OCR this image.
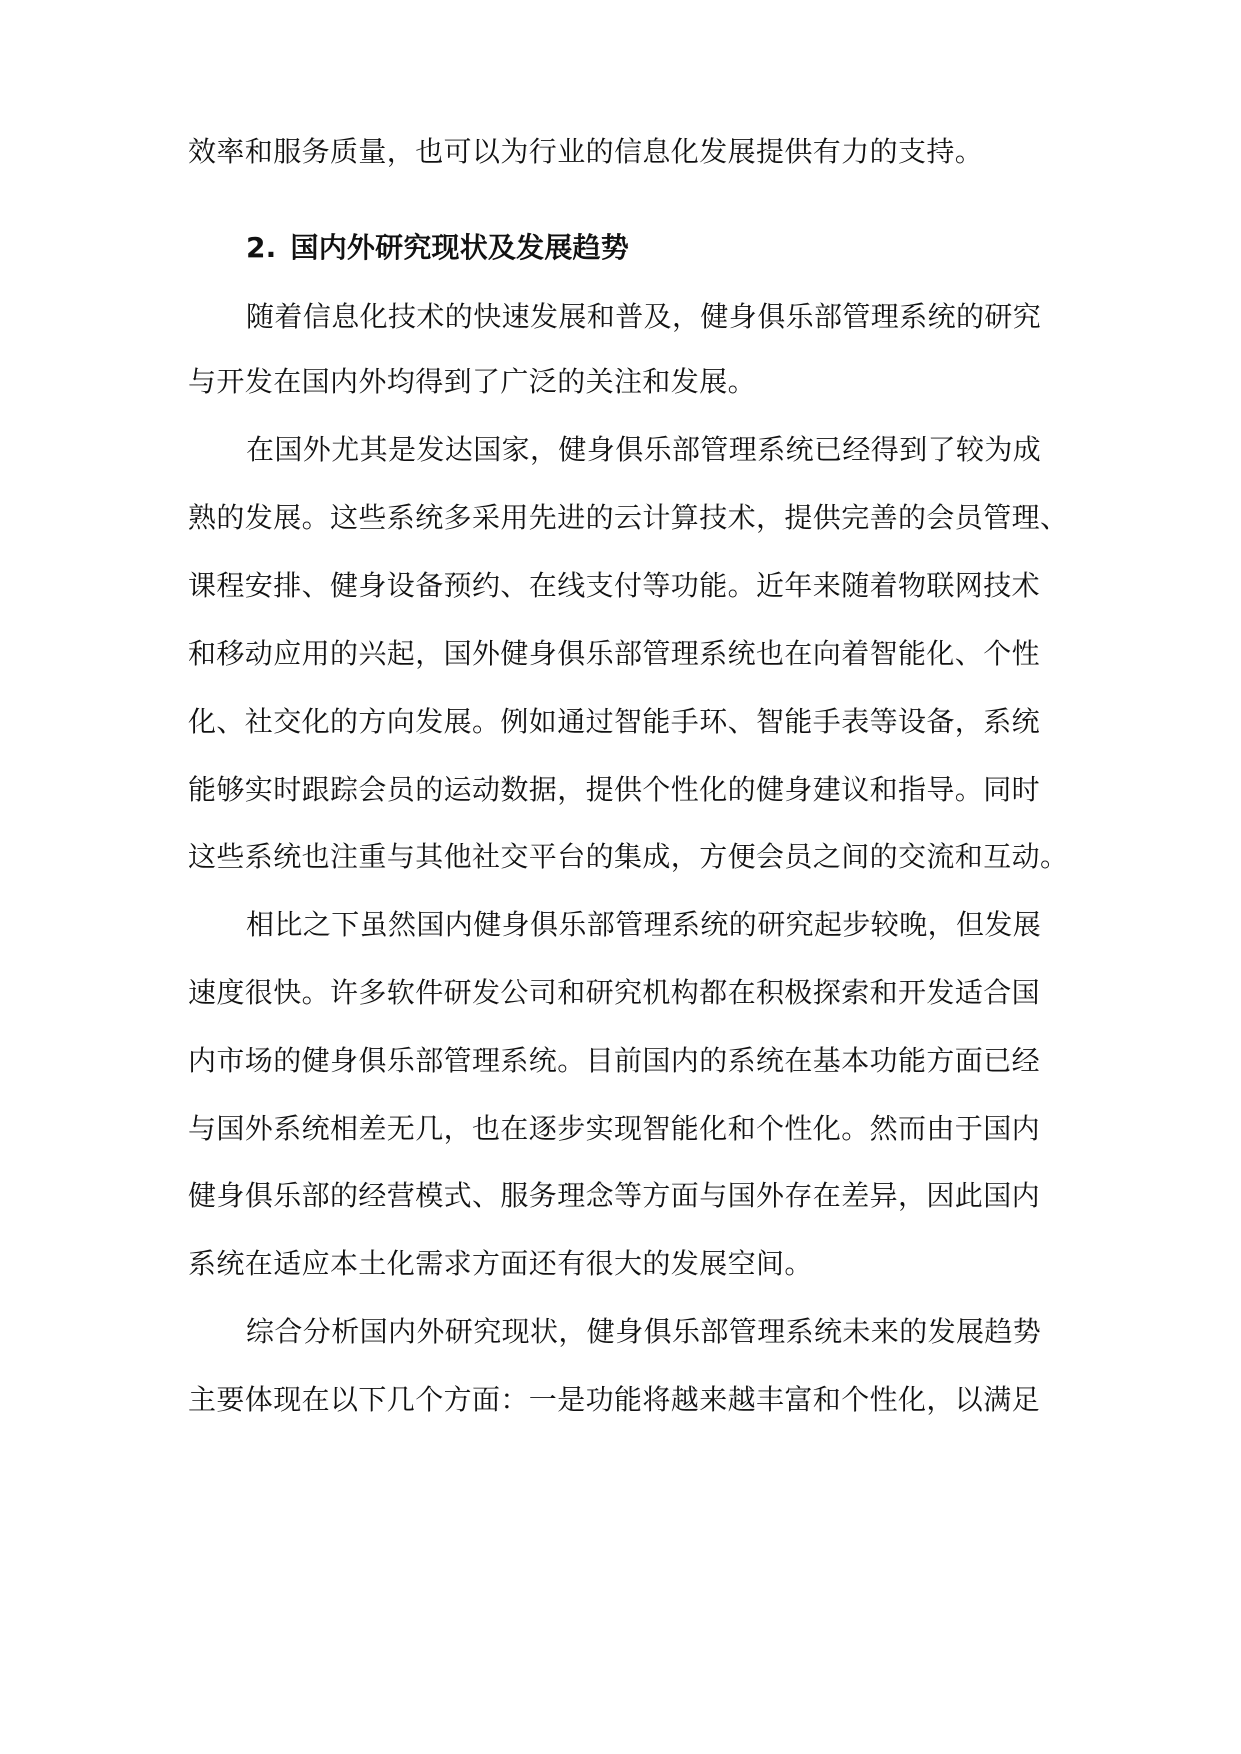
效率和服务质量，也可以为行业的信息化发展提供有力的支持。
2. 国内外研究现状及发展趋势
随着信息化技术的快速发展和普及，健身俱乐部管理系统的研究
与开发在国内外均得到了广泛的关注和发展。
在国外尤其是发达国家，健身俱乐部管理系统已经得到了较为成
熟的发展。这些系统多采用先进的云计算技术，提供完善的会员管理、
课程安排、健身设备预约、在线支付等功能。近年来随着物联网技术
和移动应用的兴起，国外健身俱乐部管理系统也在向着智能化、个性
化、社交化的方向发展。例如通过智能手环、智能手表等设备，系统
能够实时跟踪会员的运动数据，提供个性化的健身建议和指导。同时
这些系统也注重与其他社交平台的集成，方便会员之间的交流和互动。
相比之下虽然国内健身俱乐部管理系统的研究起步较晚，但发展
速度很快。许多软件研发公司和研究机构都在积极探索和开发适合国
内市场的健身俱乐部管理系统。目前国内的系统在基本功能方面已经
与国外系统相差无几，也在逐步实现智能化和个性化。然而由于国内
健身俱乐部的经营模式、服务理念等方面与国外存在差异，因此国内
系统在适应本土化需求方面还有很大的发展空间。
综合分析国内外研究现状，健身俱乐部管理系统未来的发展趋势
主要体现在以下几个方面：一是功能将越来越丰富和个性化，以满足
